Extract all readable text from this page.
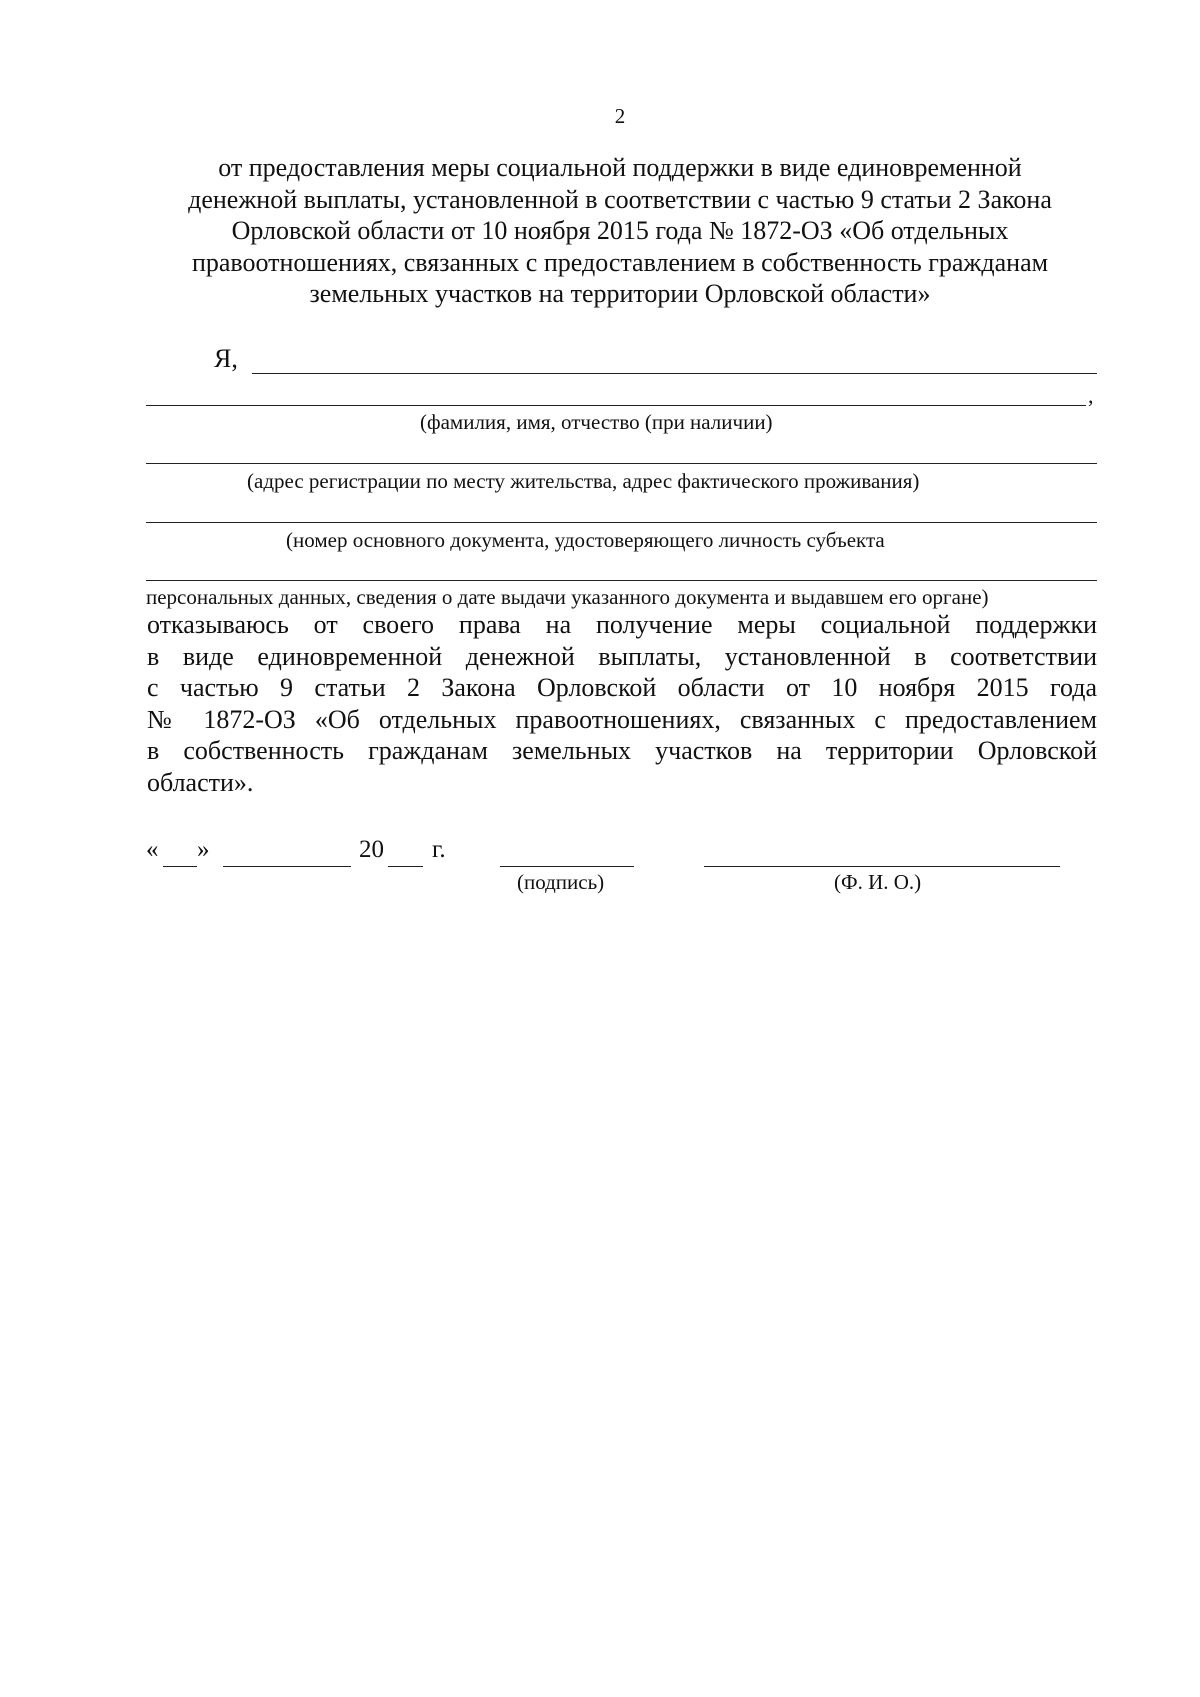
2
от предоставления меры социальной поддержки в виде единовременной
денежной выплаты, установленной в соответствии с частью 9 статьи 2 Закона
Орловской области от 10 ноября 2015 года № 1872-ОЗ «Об отдельных
правоотношениях, связанных с предоставлением в собственность гражданам
земельных участков на территории Орловской области»
Я,
,
(фамилия, имя, отчество (при наличии)
(адрес регистрации по месту жительства, адрес фактического проживания)
(номер основного документа, удостоверяющего личность субъекта
персональных данных, сведения о дате выдачи указанного документа и выдавшем его органе)
отказываюсь от своего права на получение меры социальной поддержки
в виде единовременной денежной выплаты, установленной в соответствии
с частью 9 статьи 2 Закона Орловской области от 10 ноября 2015 года
№ 1872-ОЗ «Об отдельных правоотношениях, связанных с предоставлением
в собственность гражданам земельных участков на территории Орловской
области».
« »	20 г.
(подпись)	(Ф. И. О.)
